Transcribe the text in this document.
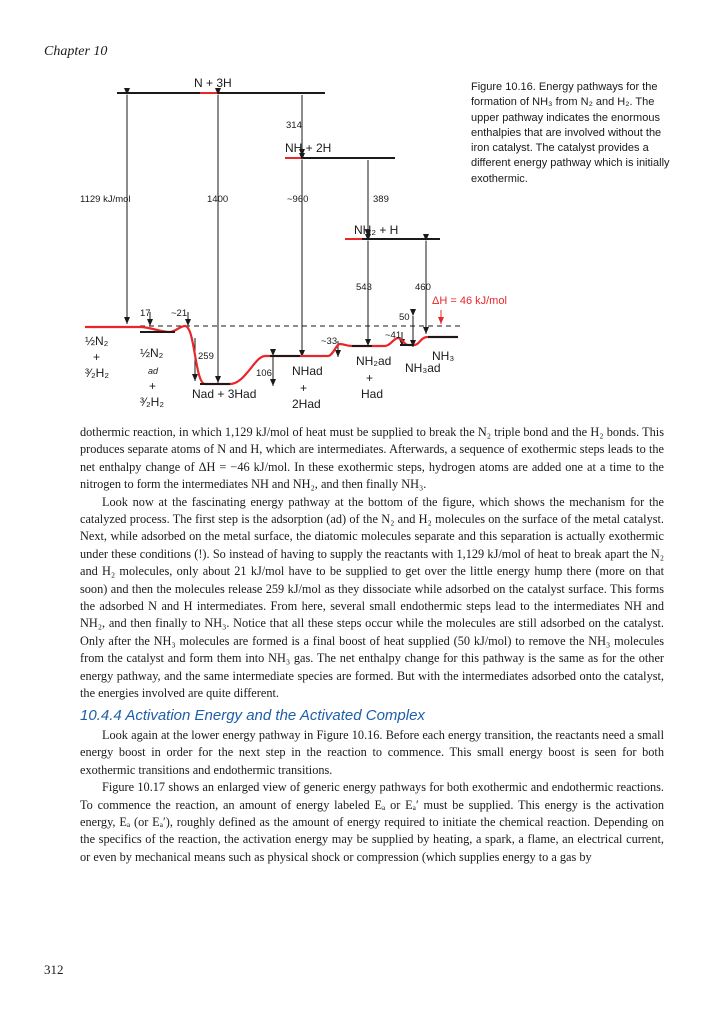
Chapter 10
N + 3H
NH + 2H
NH₂ + H
½N₂
+
³⁄₂H₂
½N₂
ad
+
³⁄₂H₂
Nad + 3Had
NHad
+
2Had
NH₂ad
+
Had
NH₃ad
NH₃
1129 kJ/mol	1400
314
~960	389
543	460
17 ~21
259
106
~33
~41
50
ΔH = 46 kJ/mol
Figure 10.16. Energy pathways for the formation of NH₃ from N₂ and H₂. The upper pathway indicates the enormous enthalpies that are involved without the iron catalyst. The catalyst provides a different energy pathway which is initially exothermic.

dothermic reaction, in which 1,129 kJ/mol of heat must be supplied to break the N₂ triple bond and the H₂ bonds. This produces separate atoms of N and H, which are intermediates. Afterwards, a sequence of exothermic steps leads to the net enthalpy change of ΔH = −46 kJ/mol. In these exothermic steps, hydrogen atoms are added one at a time to the nitrogen to form the intermediates NH and NH₂, and then finally NH₃.

Look now at the fascinating energy pathway at the bottom of the figure, which shows the mechanism for the catalyzed process. The first step is the adsorption (ad) of the N₂ and H₂ molecules on the surface of the metal catalyst. Next, while adsorbed on the metal surface, the diatomic molecules separate and this separation is actually exothermic under these conditions (!). So instead of having to supply the reactants with 1,129 kJ/mol of heat to break apart the N₂ and H₂ molecules, only about 21 kJ/mol have to be supplied to get over the little energy hump there (more on that soon) and then the molecules release 259 kJ/mol as they dissociate while adsorbed on the catalyst surface. This forms the adsorbed N and H intermediates. From here, several small endothermic steps lead to the intermediates NH and NH₂, and then finally to NH₃. Notice that all these steps occur while the molecules are still adsorbed on the catalyst. Only after the NH₃ molecules are formed is a final boost of heat supplied (50 kJ/mol) to remove the NH₃ molecules from the catalyst and form them into NH₃ gas. The net enthalpy change for this pathway is the same as for the other energy pathway, and the same intermediate species are formed. But with the intermediates adsorbed onto the catalyst, the energies involved are quite different.

10.4.4 Activation Energy and the Activated Complex

Look again at the lower energy pathway in Figure 10.16. Before each energy transition, the reactants need a small energy boost in order for the next step in the reaction to commence. This small energy boost is seen for both exothermic transitions and endothermic transitions.

Figure 10.17 shows an enlarged view of generic energy pathways for both exothermic and endothermic reactions. To commence the reaction, an amount of energy labeled Eₐ or Eₐ′ must be supplied. This energy is the activation energy, Eₐ (or Eₐ′), roughly defined as the amount of energy required to initiate the chemical reaction. Depending on the specifics of the reaction, the activation energy may be supplied by heating, a spark, a flame, an electrical current, or even by mechanical means such as physical shock or compression (which supplies energy to a gas by

312
